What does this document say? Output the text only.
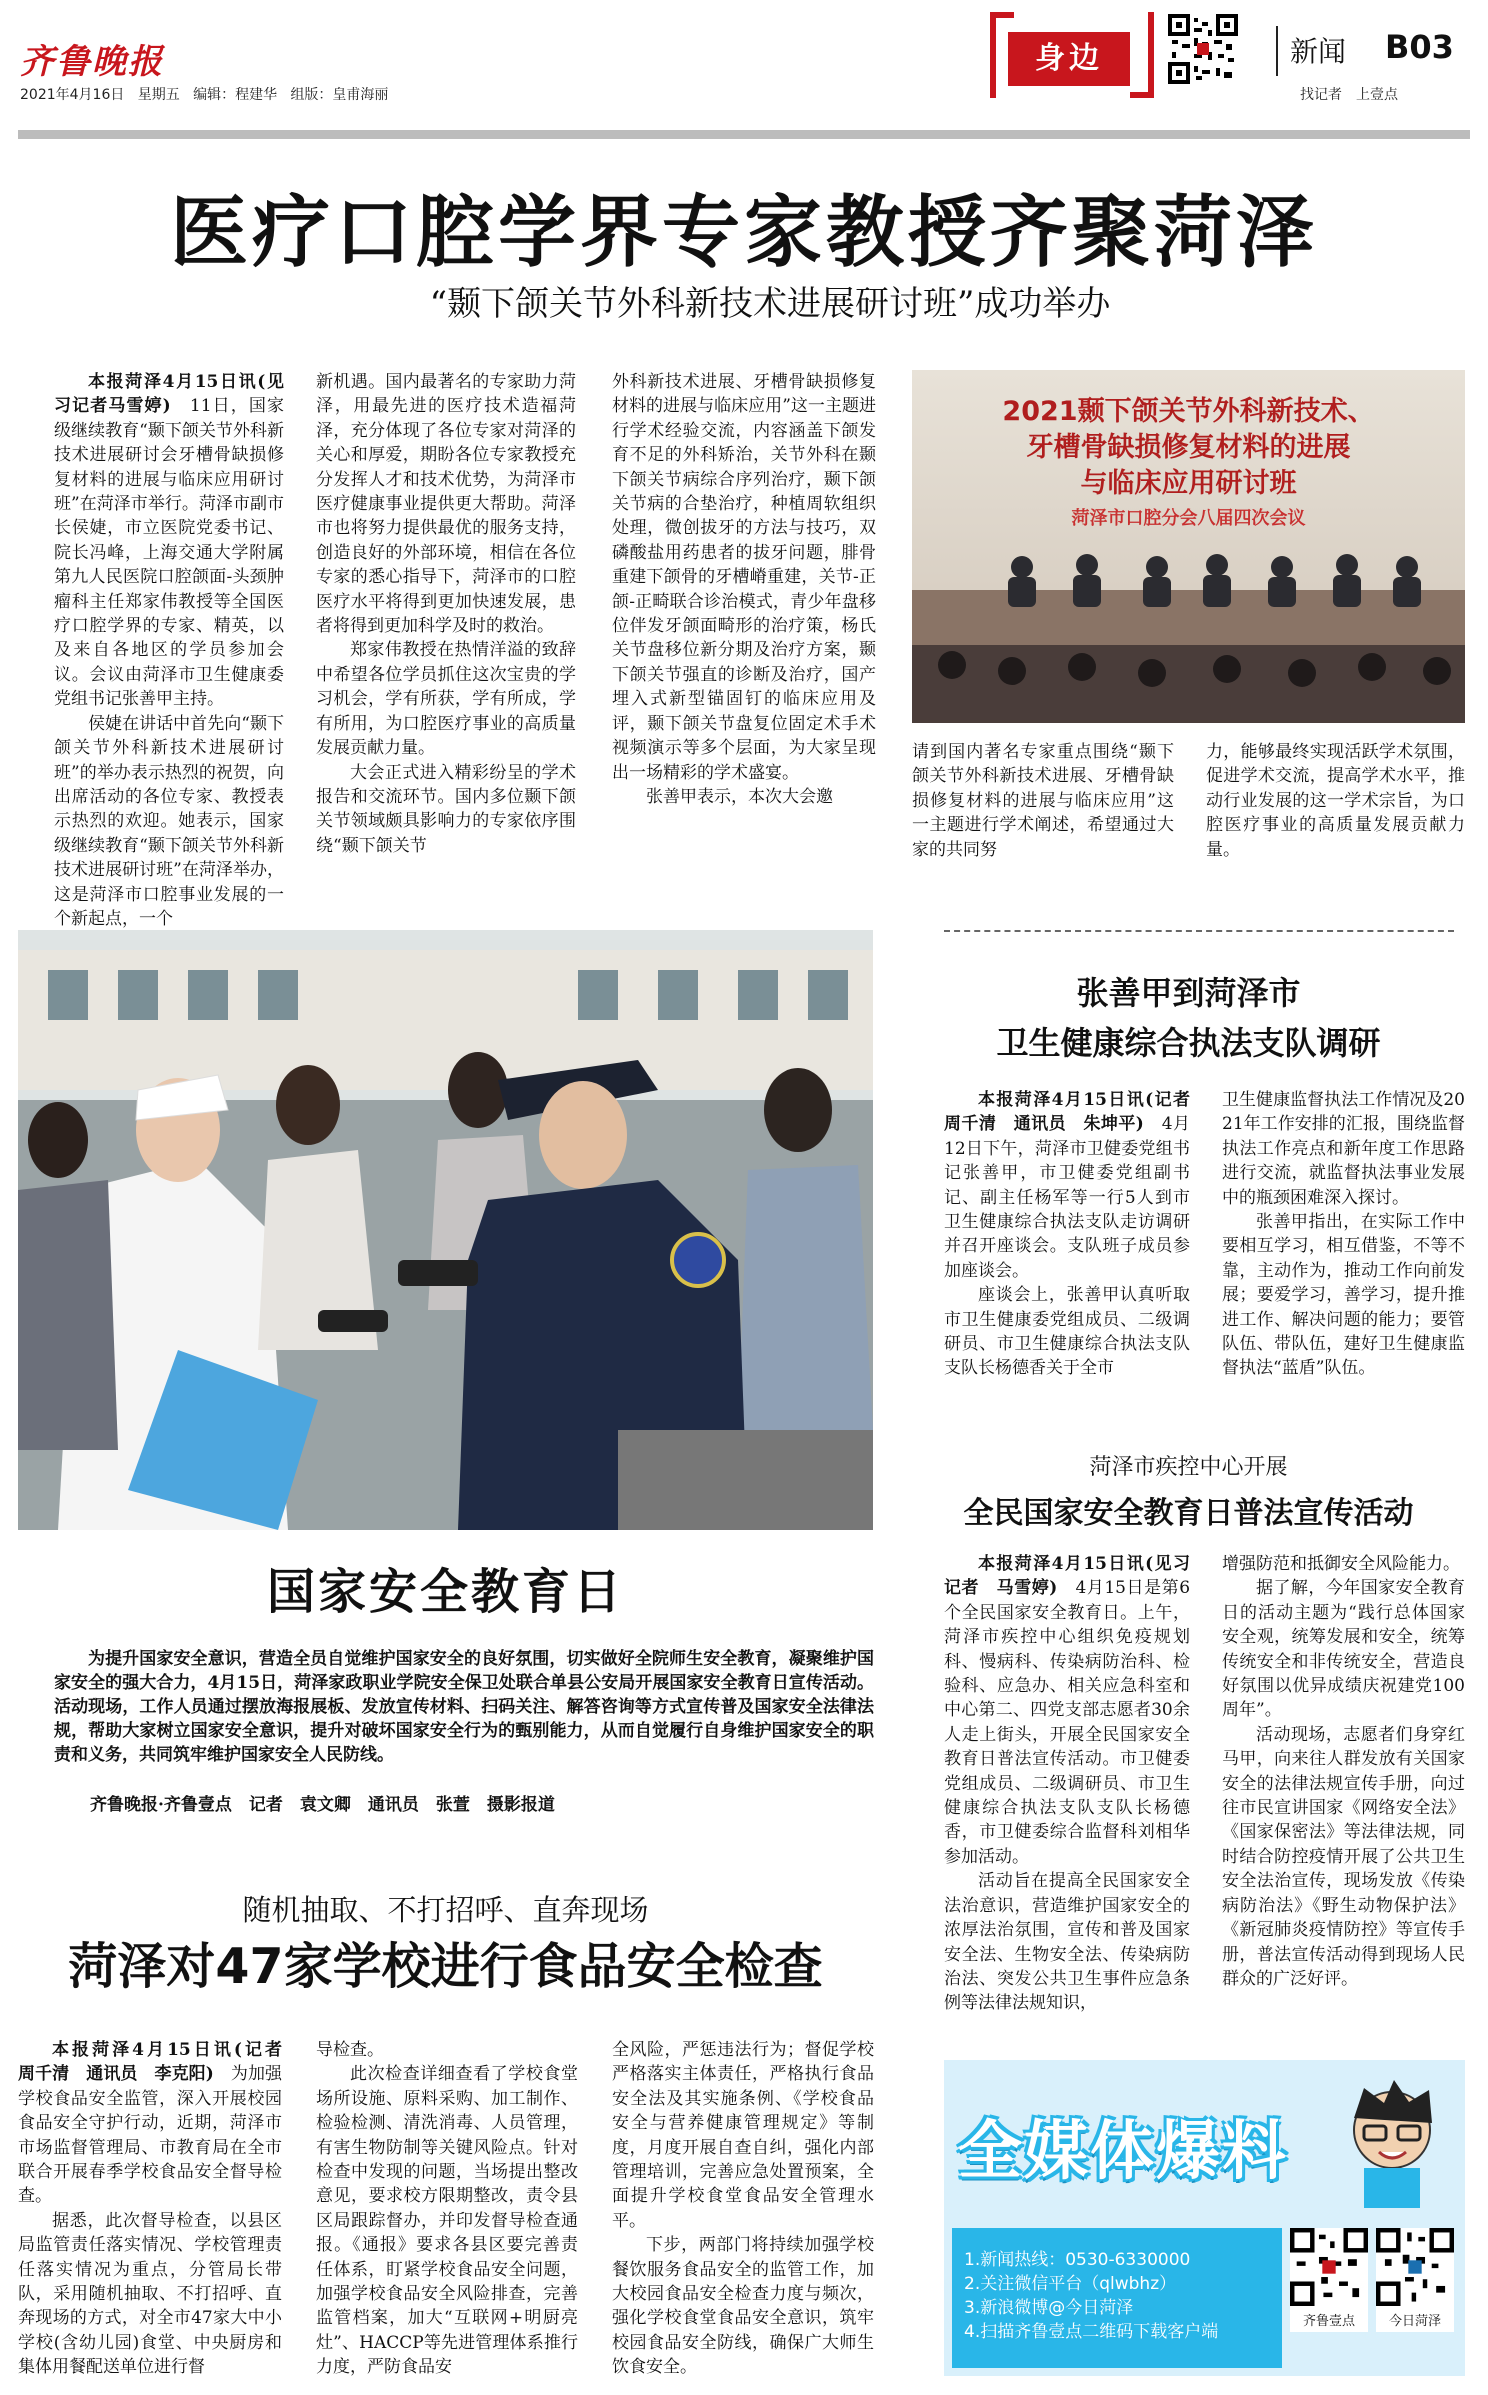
齐鲁晚报
2021年4月16日 星期五 编辑：程建华 组版：皇甫海丽
身边	新闻 B03
找记者　上壹点
医疗口腔学界专家教授齐聚菏泽
“颞下颌关节外科新技术进展研讨班”成功举办

本报菏泽4月15日讯(见习记者马雪婷)　 11日，国家级继续教育“颞下颌关节外科新技术进展研讨会牙槽骨缺损修复材料的进展与临床应用研讨班”在菏泽市举行。菏泽市副市长侯婕，市立医院党委书记、院长冯峰，上海交通大学附属第九人民医院口腔颌面-头颈肿瘤科主任郑家伟教授等全国医疗口腔学界的专家、精英，以及来自各地区的学员参加会议。会议由菏泽市卫生健康委党组书记张善甲主持。

侯婕在讲话中首先向“颞下颌关节外科新技术进展研讨班”的举办表示热烈的祝贺，向出席活动的各位专家、教授表示热烈的欢迎。她表示，国家级继续教育“颞下颌关节外科新技术进展研讨班”在菏泽举办，这是菏泽市口腔事业发展的一个新起点，一个

新机遇。国内最著名的专家助力菏泽，用最先进的医疗技术造福菏泽，充分体现了各位专家对菏泽的关心和厚爱，期盼各位专家教授充分发挥人才和技术优势，为菏泽市医疗健康事业提供更大帮助。菏泽市也将努力提供最优的服务支持，创造良好的外部环境，相信在各位专家的悉心指导下，菏泽市的口腔医疗水平将得到更加快速发展，患者将得到更加科学及时的救治。

郑家伟教授在热情洋溢的致辞中希望各位学员抓住这次宝贵的学习机会，学有所获，学有所成，学有所用，为口腔医疗事业的高质量发展贡献力量。

大会正式进入精彩纷呈的学术报告和交流环节。国内多位颞下颌关节领域颇具影响力的专家依序围绕“颞下颌关节

外科新技术进展、牙槽骨缺损修复材料的进展与临床应用”这一主题进行学术经验交流，内容涵盖下颌发育不足的外科矫治，关节外科在颞下颌关节病综合序列治疗，颞下颌关节病的合垫治疗，种植周软组织处理，微创拔牙的方法与技巧，双磷酸盐用药患者的拔牙问题，腓骨重建下颌骨的牙槽嵴重建，关节-正颌-正畸联合诊治模式，青少年盘移位伴发牙颌面畸形的治疗策，杨氏关节盘移位新分期及治疗方案，颞下颌关节强直的诊断及治疗，国产埋入式新型锚固钉的临床应用及评，颞下颌关节盘复位固定术手术视频演示等多个层面，为大家呈现出一场精彩的学术盛宴。

张善甲表示，本次大会邀

2021颞下颌关节外科新技术、
牙槽骨缺损修复材料的进展
与临床应用研讨班
菏泽市口腔分会八届四次会议

请到国内著名专家重点围绕“颞下颌关节外科新技术进展、牙槽骨缺损修复材料的进展与临床应用”这一主题进行学术阐述，希望通过大家的共同努

力，能够最终实现活跃学术氛围，促进学术交流，提高学术水平，推动行业发展的这一学术宗旨，为口腔医疗事业的高质量发展贡献力量。

国家安全教育日
为提升国家安全意识，营造全员自觉维护国家安全的良好氛围，切实做好全院师生安全教育，凝聚维护国家安全的强大合力，4月15日，菏泽家政职业学院安全保卫处联合单县公安局开展国家安全教育日宣传活动。活动现场，工作人员通过摆放海报展板、发放宣传材料、扫码关注、解答咨询等方式宣传普及国家安全法律法规，帮助大家树立国家安全意识，提升对破坏国家安全行为的甄别能力，从而自觉履行自身维护国家安全的职责和义务，共同筑牢维护国家安全人民防线。
齐鲁晚报·齐鲁壹点　记者　袁文卿　通讯员　张萱　摄影报道
随机抽取、不打招呼、直奔现场
菏泽对47家学校进行食品安全检查

本报菏泽4月15日讯(记者　周千清　通讯员　李克阳)　 为加强学校食品安全监管，深入开展校园食品安全守护行动，近期，菏泽市市场监督管理局、市教育局在全市联合开展春季学校食品安全督导检查。

据悉，此次督导检查，以县区局监管责任落实情况、学校管理责任落实情况为重点，分管局长带队，采用随机抽取、不打招呼、直奔现场的方式，对全市47家大中小学校(含幼儿园)食堂、中央厨房和集体用餐配送单位进行督

导检查。

此次检查详细查看了学校食堂场所设施、原料采购、加工制作、检验检测、清洗消毒、人员管理，有害生物防制等关键风险点。针对检查中发现的问题，当场提出整改意见，要求校方限期整改，责令县区局跟踪督办，并印发督导检查通报。《通报》要求各县区要完善责任体系，盯紧学校食品安全问题，加强学校食品安全风险排查，完善监管档案，加大“互联网+明厨亮灶”、HACCP等先进管理体系推行力度，严防食品安

全风险，严惩违法行为；督促学校严格落实主体责任，严格执行食品安全法及其实施条例、《学校食品安全与营养健康管理规定》等制度，月度开展自查自纠，强化内部管理培训，完善应急处置预案，全面提升学校食堂食品安全管理水平。

下步，两部门将持续加强学校餐饮服务食品安全的监管工作，加大校园食品安全检查力度与频次，强化学校食堂食品安全意识，筑牢校园食品安全防线，确保广大师生饮食安全。

张善甲到菏泽市
卫生健康综合执法支队调研

本报菏泽4月15日讯(记者　周千清　通讯员　朱坤平)　 4月12日下午，菏泽市卫健委党组书记张善甲，市卫健委党组副书记、副主任杨军等一行5人到市卫生健康综合执法支队走访调研并召开座谈会。支队班子成员参加座谈会。

座谈会上，张善甲认真听取市卫生健康委党组成员、二级调研员、市卫生健康综合执法支队支队长杨德香关于全市

卫生健康监督执法工作情况及2021年工作安排的汇报，围绕监督执法工作亮点和新年度工作思路进行交流，就监督执法事业发展中的瓶颈困难深入探讨。

张善甲指出，在实际工作中要相互学习，相互借鉴，不等不靠，主动作为，推动工作向前发展；要爱学习，善学习，提升推进工作、解决问题的能力；要管队伍、带队伍，建好卫生健康监督执法“蓝盾”队伍。

菏泽市疾控中心开展
全民国家安全教育日普法宣传活动

本报菏泽4月15日讯(见习记者　马雪婷)　 4月15日是第6个全民国家安全教育日。上午，菏泽市疾控中心组织免疫规划科、慢病科、传染病防治科、检验科、应急办、相关应急科室和中心第二、四党支部志愿者30余人走上街头，开展全民国家安全教育日普法宣传活动。市卫健委党组成员、二级调研员、市卫生健康综合执法支队支队长杨德香，市卫健委综合监督科刘相华参加活动。

活动旨在提高全民国家安全法治意识，营造维护国家安全的浓厚法治氛围，宣传和普及国家安全法、生物安全法、传染病防治法、突发公共卫生事件应急条例等法律法规知识，

增强防范和抵御安全风险能力。

据了解，今年国家安全教育日的活动主题为“践行总体国家安全观，统筹发展和安全，统筹传统安全和非传统安全，营造良好氛围以优异成绩庆祝建党100周年”。

活动现场，志愿者们身穿红马甲，向来往人群发放有关国家安全的法律法规宣传手册，向过往市民宣讲国家《网络安全法》《国家保密法》等法律法规，同时结合防控疫情开展了公共卫生安全法治宣传，现场发放《传染病防治法》《野生动物保护法》《新冠肺炎疫情防控》等宣传手册，普法宣传活动得到现场人民群众的广泛好评。

全媒体爆料
1.新闻热线：0530-6330000
2.关注微信平台（qlwbhz）
3.新浪微博@今日菏泽
4.扫描齐鲁壹点二维码下载客户端
齐鲁壹点	今日菏泽
